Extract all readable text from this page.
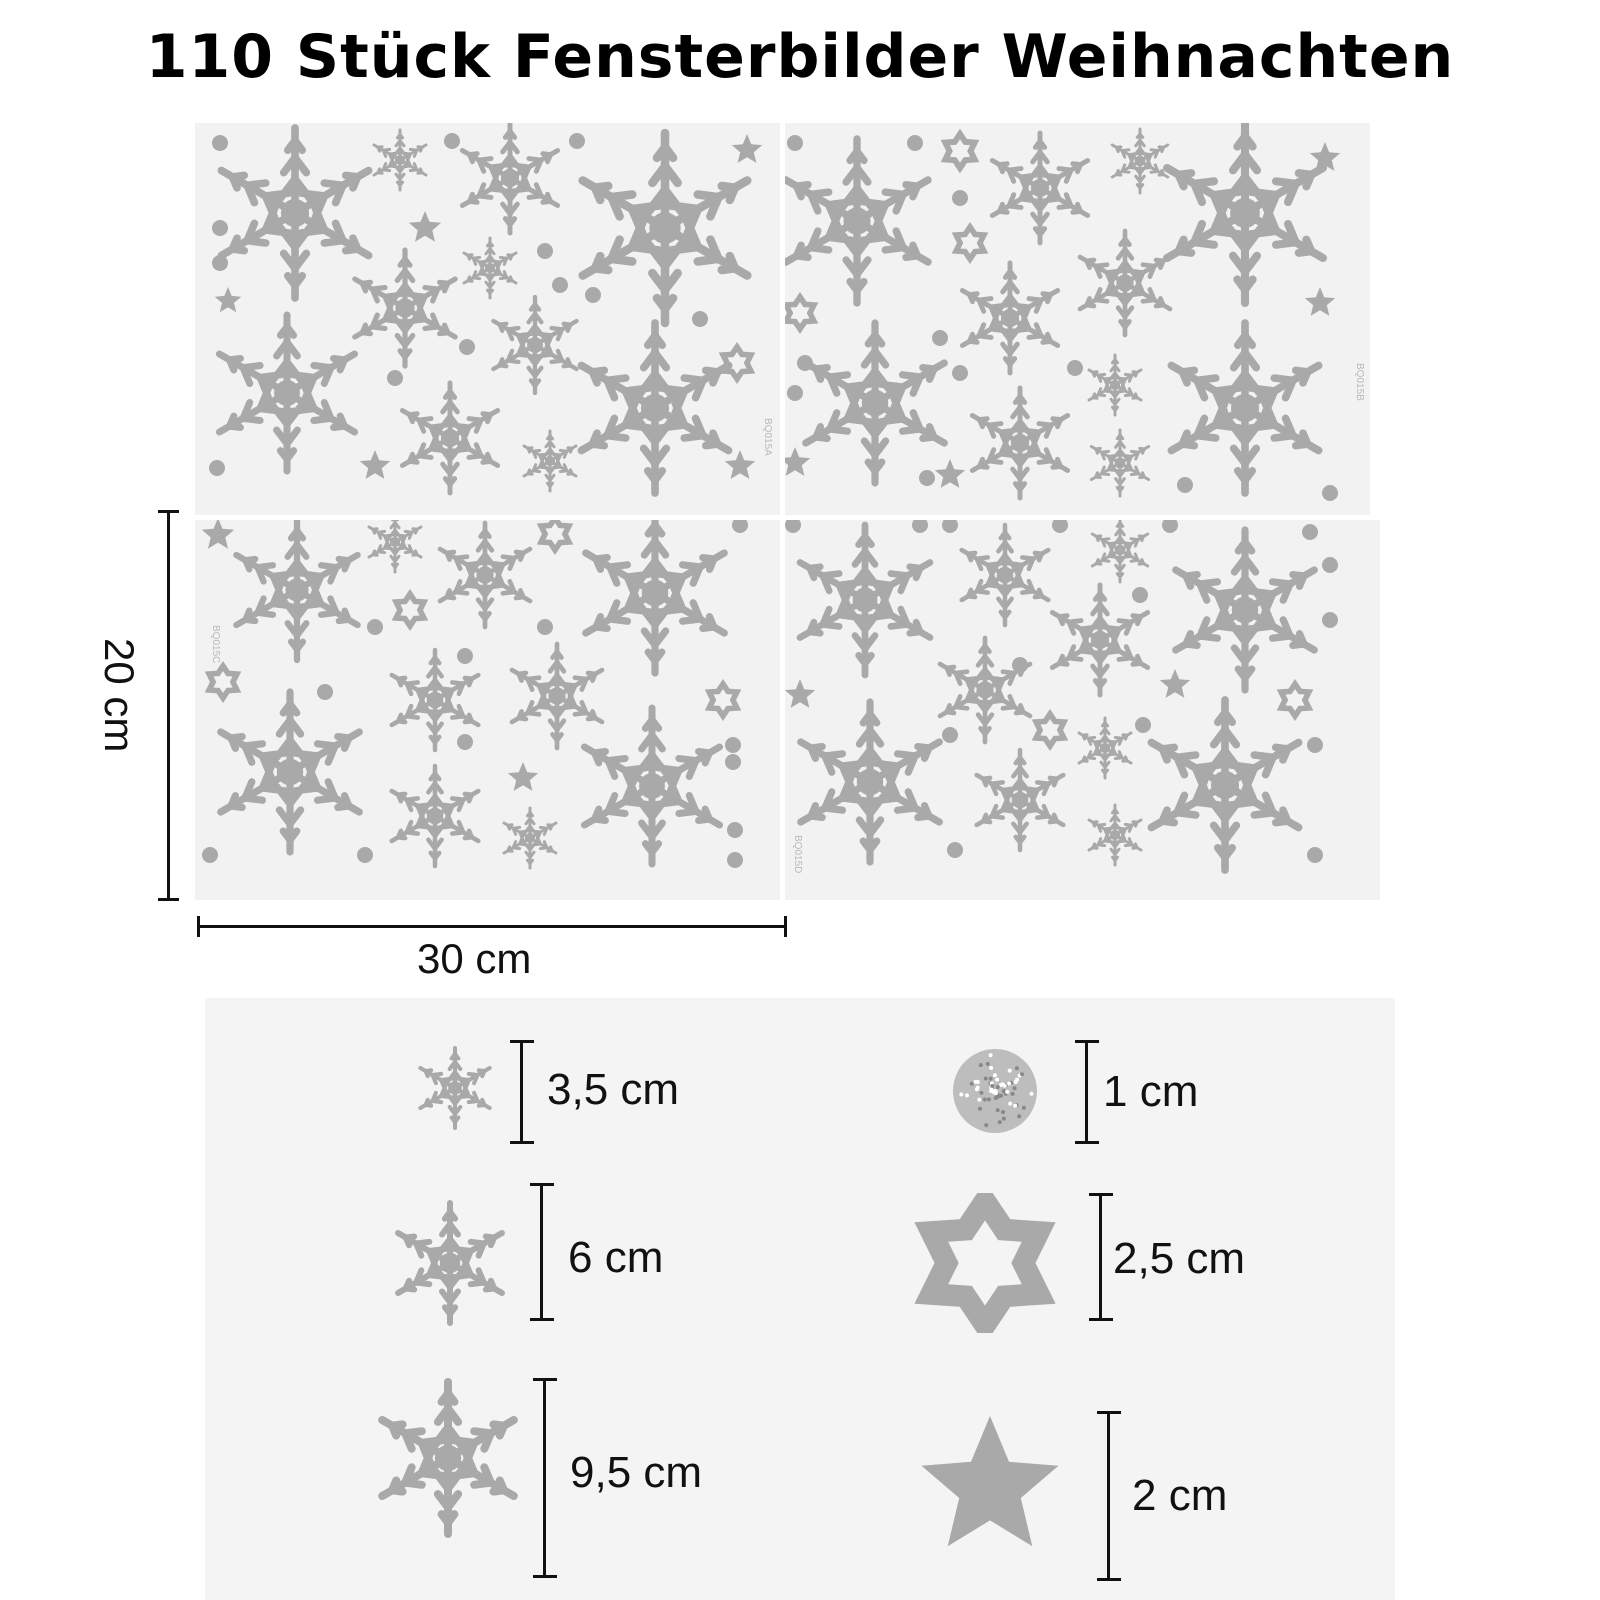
110 Stück Fensterbilder Weihnachten
BQ015A
BQ015B
BQ015C
BQ015D
20 cm
30 cm
3,5 cm	1 cm
6 cm	2,5 cm
9,5 cm	2 cm
